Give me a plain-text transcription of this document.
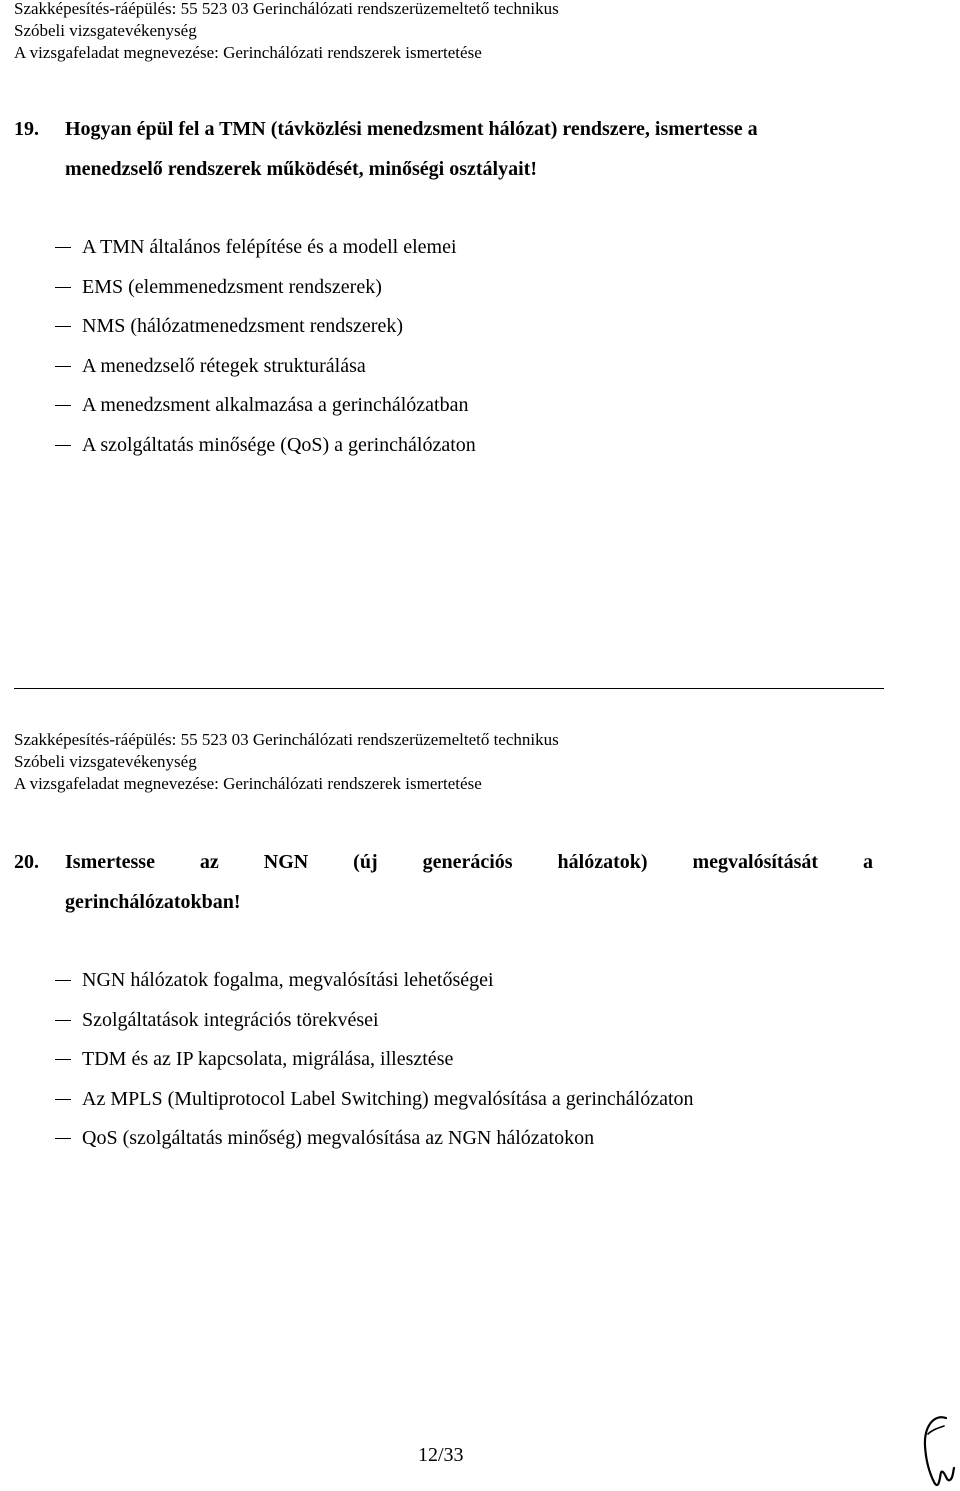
Szakképesítés-ráépülés: 55 523 03 Gerinchálózati rendszerüzemeltető technikus
Szóbeli vizsgatevékenység
A vizsgafeladat megnevezése: Gerinchálózati rendszerek ismertetése
19. Hogyan épül fel a TMN (távközlési menedzsment hálózat) rendszere, ismertesse a
menedzselő rendszerek működését, minőségi osztályait!
A TMN általános felépítése és a modell elemei
EMS (elemmenedzsment rendszerek)
NMS (hálózatmenedzsment rendszerek)
A menedzselő rétegek strukturálása
A menedzsment alkalmazása a gerinchálózatban
A szolgáltatás minősége (QoS) a gerinchálózaton
Szakképesítés-ráépülés: 55 523 03 Gerinchálózati rendszerüzemeltető technikus
Szóbeli vizsgatevékenység
A vizsgafeladat megnevezése: Gerinchálózati rendszerek ismertetése
20. Ismertesse az NGN (új generációs hálózatok) megvalósítását a
gerinchálózatokban!
NGN hálózatok fogalma, megvalósítási lehetőségei
Szolgáltatások integrációs törekvései
TDM és az IP kapcsolata, migrálása, illesztése
Az MPLS (Multiprotocol Label Switching) megvalósítása a gerinchálózaton
QoS (szolgáltatás minőség) megvalósítása az NGN hálózatokon
12/33
